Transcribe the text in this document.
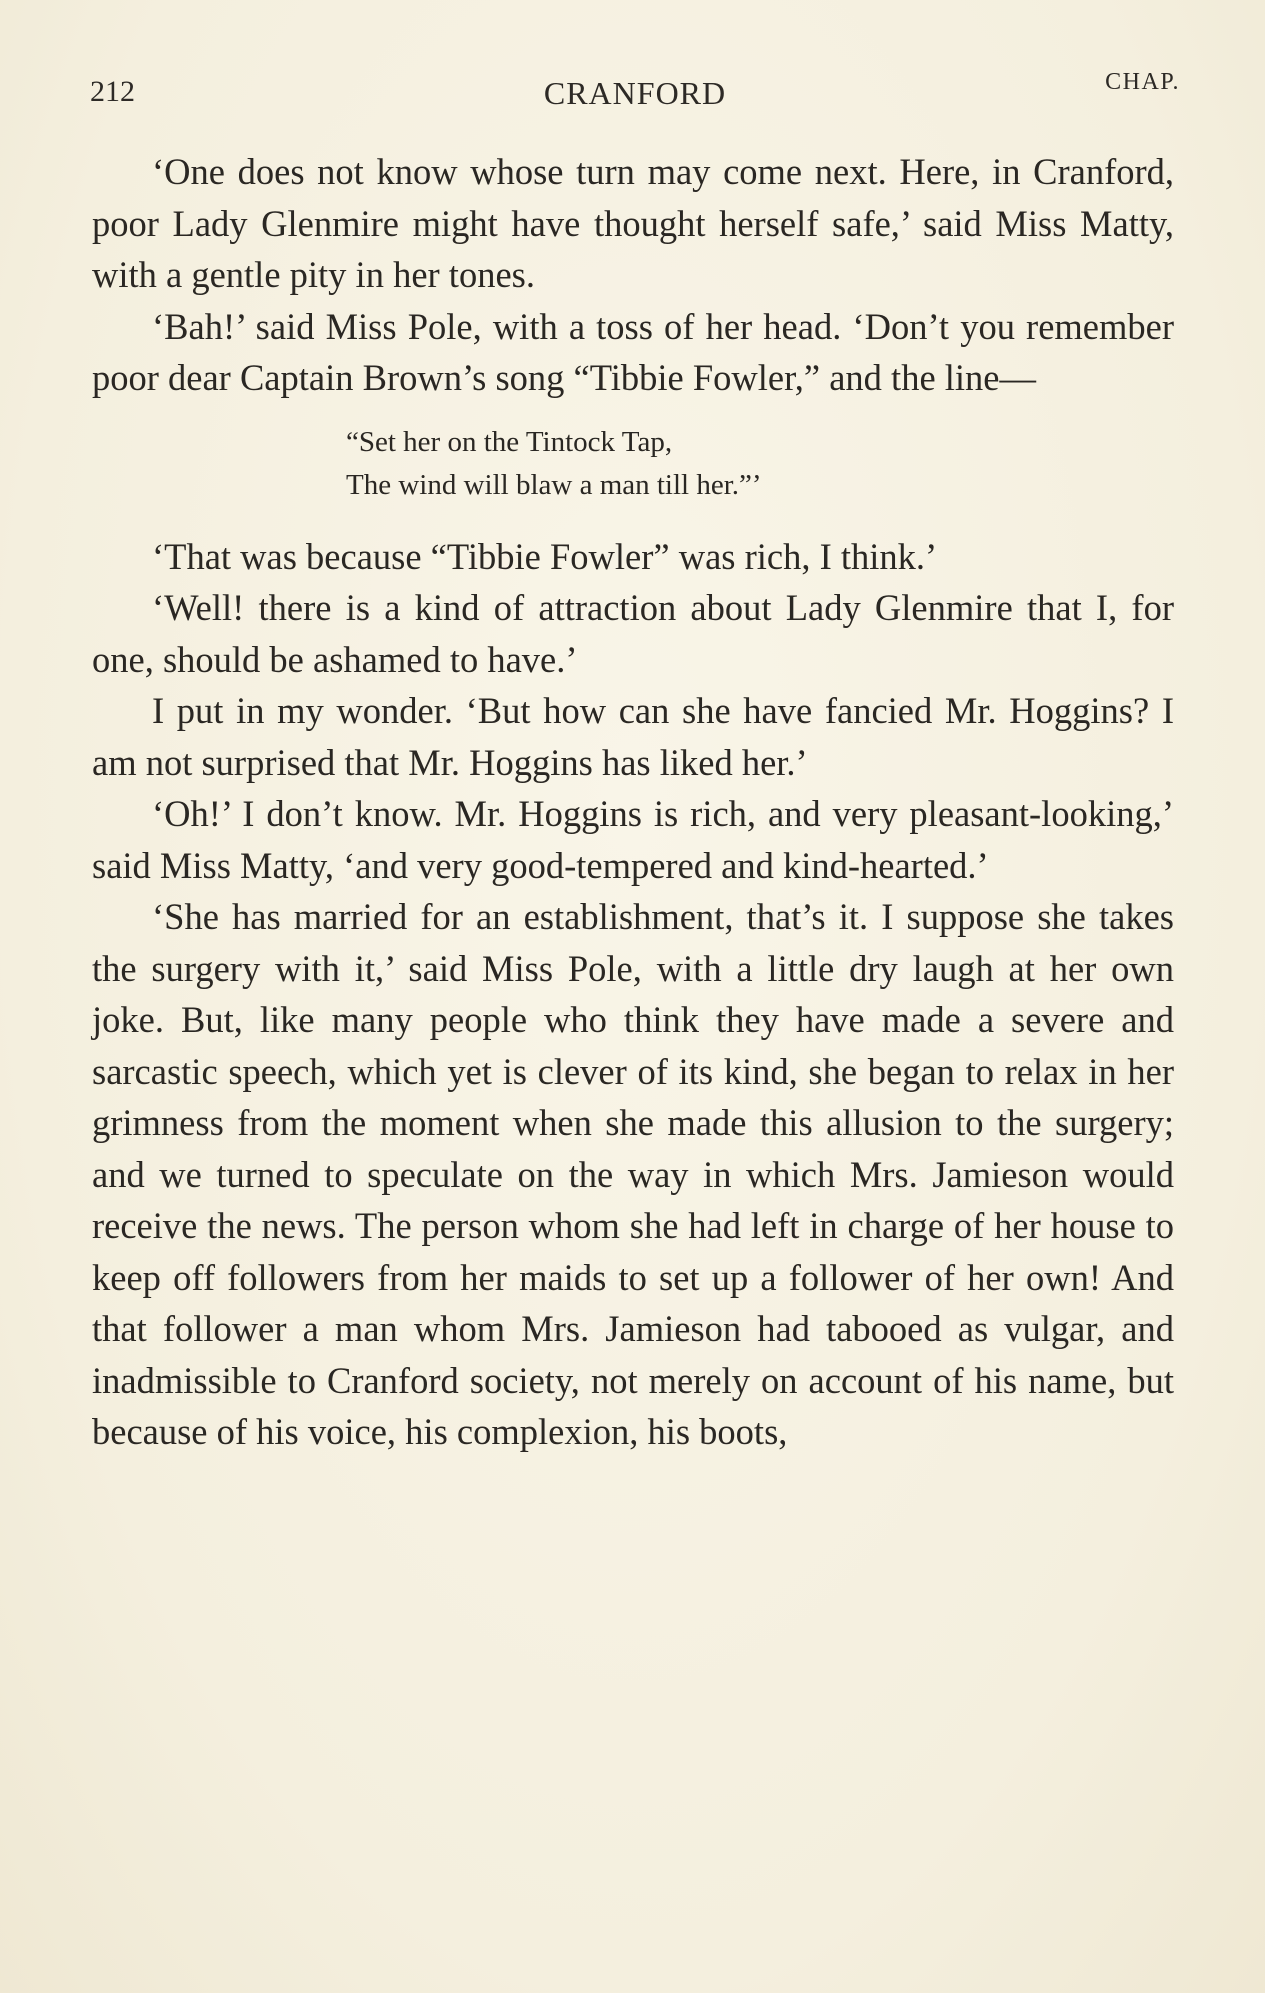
212	CRANFORD	CHAP.

‘One does not know whose turn may come next. Here, in Cranford, poor Lady Glenmire might have thought herself safe,’ said Miss Matty, with a gentle pity in her tones.

‘Bah!’ said Miss Pole, with a toss of her head. ‘Don’t you remember poor dear Captain Brown’s song “Tibbie Fowler,” and the line—

“Set her on the Tintock Tap,
The wind will blaw a man till her.”’

‘That was because “Tibbie Fowler” was rich, I think.’

‘Well! there is a kind of attraction about Lady Glenmire that I, for one, should be ashamed to have.’

I put in my wonder. ‘But how can she have fancied Mr. Hoggins? I am not surprised that Mr. Hoggins has liked her.’

‘Oh!’ I don’t know. Mr. Hoggins is rich, and very pleasant-looking,’ said Miss Matty, ‘and very good-tempered and kind-hearted.’

‘She has married for an establishment, that’s it. I suppose she takes the surgery with it,’ said Miss Pole, with a little dry laugh at her own joke. But, like many people who think they have made a severe and sarcastic speech, which yet is clever of its kind, she began to relax in her grimness from the moment when she made this allusion to the surgery; and we turned to speculate on the way in which Mrs. Jamieson would receive the news. The person whom she had left in charge of her house to keep off followers from her maids to set up a follower of her own! And that follower a man whom Mrs. Jamieson had tabooed as vulgar, and inadmissible to Cranford society, not merely on account of his name, but because of his voice, his complexion, his boots,
